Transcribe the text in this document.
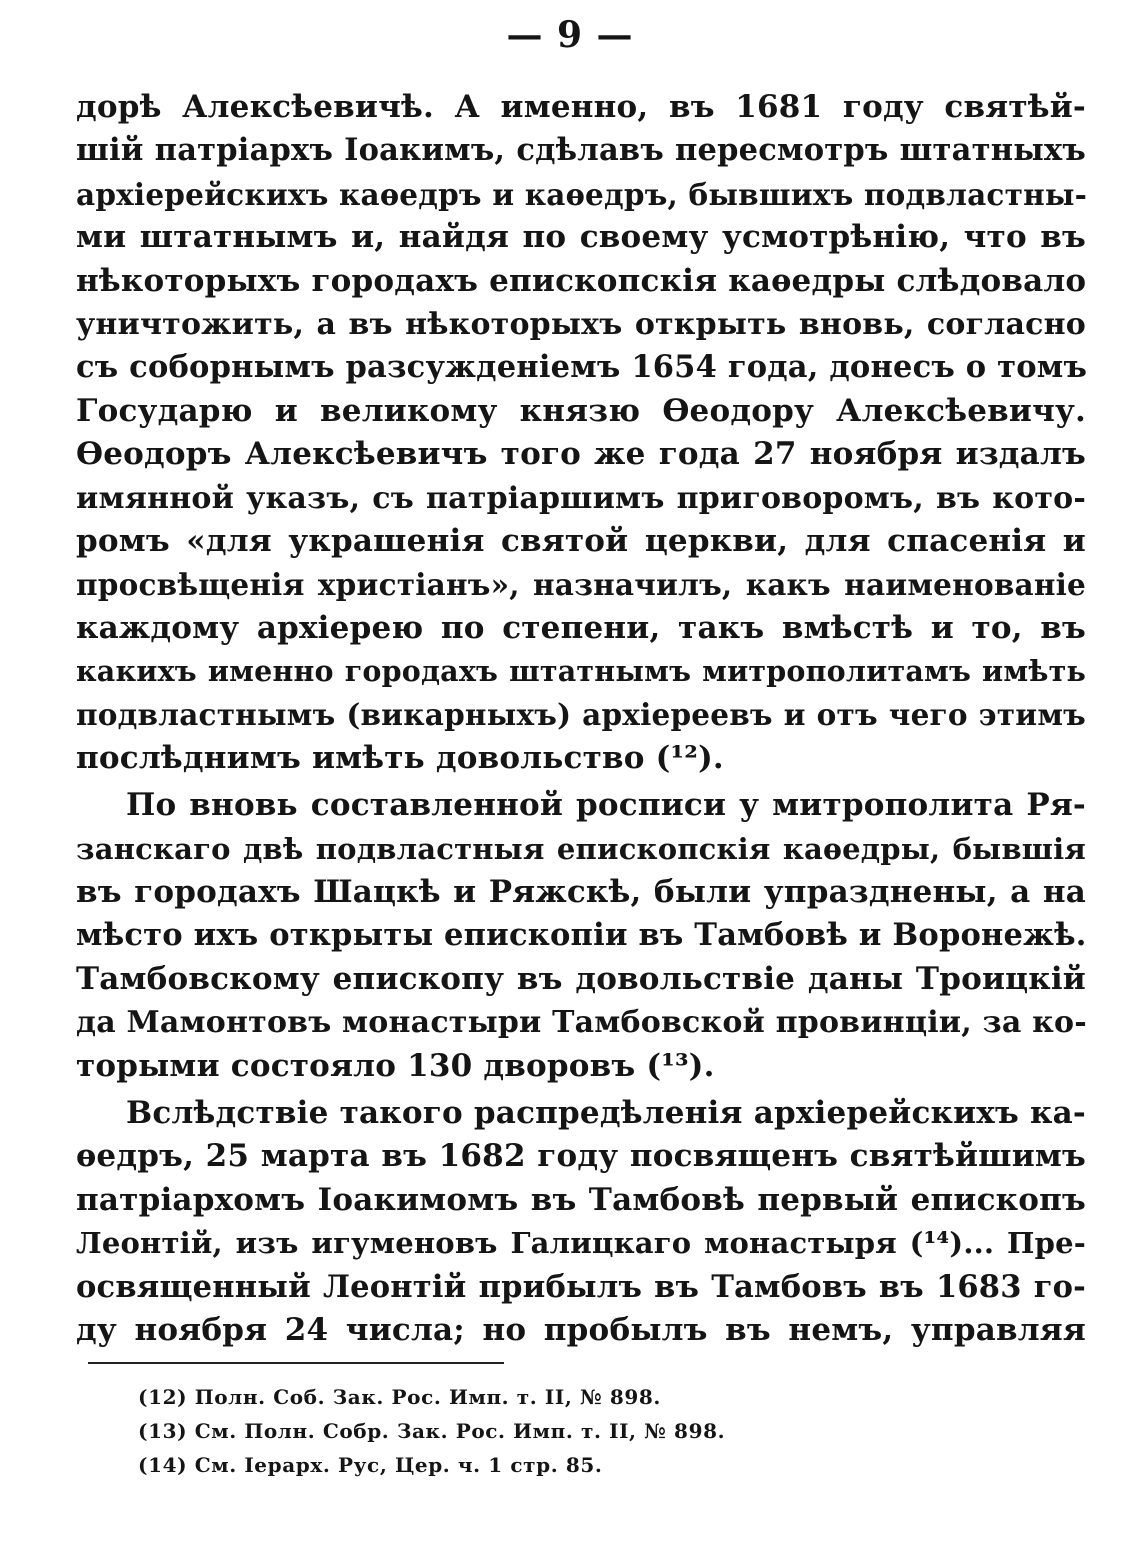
— 9 —
дорѣ Алексѣевичѣ. А именно, въ 1681 году святѣй-
шій патріархъ Іоакимъ, сдѣлавъ пересмотръ штатныхъ
архіерейскихъ каѳедръ и каѳедръ, бывшихъ подвластны-
ми штатнымъ и, найдя по своему усмотрѣнію, что въ
нѣкоторыхъ городахъ епископскія каѳедры слѣдовало
уничтожить, а въ нѣкоторыхъ открыть вновь, согласно
съ соборнымъ разсужденіемъ 1654 года, донесъ о томъ
Государю и великому князю Ѳеодору Алексѣевичу.
Ѳеодоръ Алексѣевичъ того же года 27 ноября издалъ
имянной указъ, съ патріаршимъ приговоромъ, въ кото-
ромъ «для украшенія святой церкви, для спасенія и
просвѣщенія христіанъ», назначилъ, какъ наименованіе
каждому архіерею по степени, такъ вмѣстѣ и то, въ
какихъ именно городахъ штатнымъ митрополитамъ имѣть
подвластнымъ (викарныхъ) архіереевъ и отъ чего этимъ
послѣднимъ имѣть довольство (¹²).
По вновь составленной росписи у митрополита Ря-
занскаго двѣ подвластныя епископскія каѳедры, бывшія
въ городахъ Шацкѣ и Ряжскѣ, были упразднены, а на
мѣсто ихъ открыты епископіи въ Тамбовѣ и Воронежѣ.
Тамбовскому епископу въ довольствіе даны Троицкій
да Мамонтовъ монастыри Тамбовской провинціи, за ко-
торыми состояло 130 дворовъ (¹³).
Вслѣдствіе такого распредѣленія архіерейскихъ ка-
ѳедръ, 25 марта въ 1682 году посвященъ святѣйшимъ
патріархомъ Іоакимомъ въ Тамбовѣ первый епископъ
Леонтій, изъ игуменовъ Галицкаго монастыря (¹⁴)... Пре-
освященный Леонтій прибылъ въ Тамбовъ въ 1683 го-
ду ноября 24 числа; но пробылъ въ немъ, управляя
(12) Полн. Соб. Зак. Рос. Имп. т. II, № 898.
(13) См. Полн. Собр. Зак. Рос. Имп. т. II, № 898.
(14) См. Іерарх. Рус, Цер. ч. 1 стр. 85.
